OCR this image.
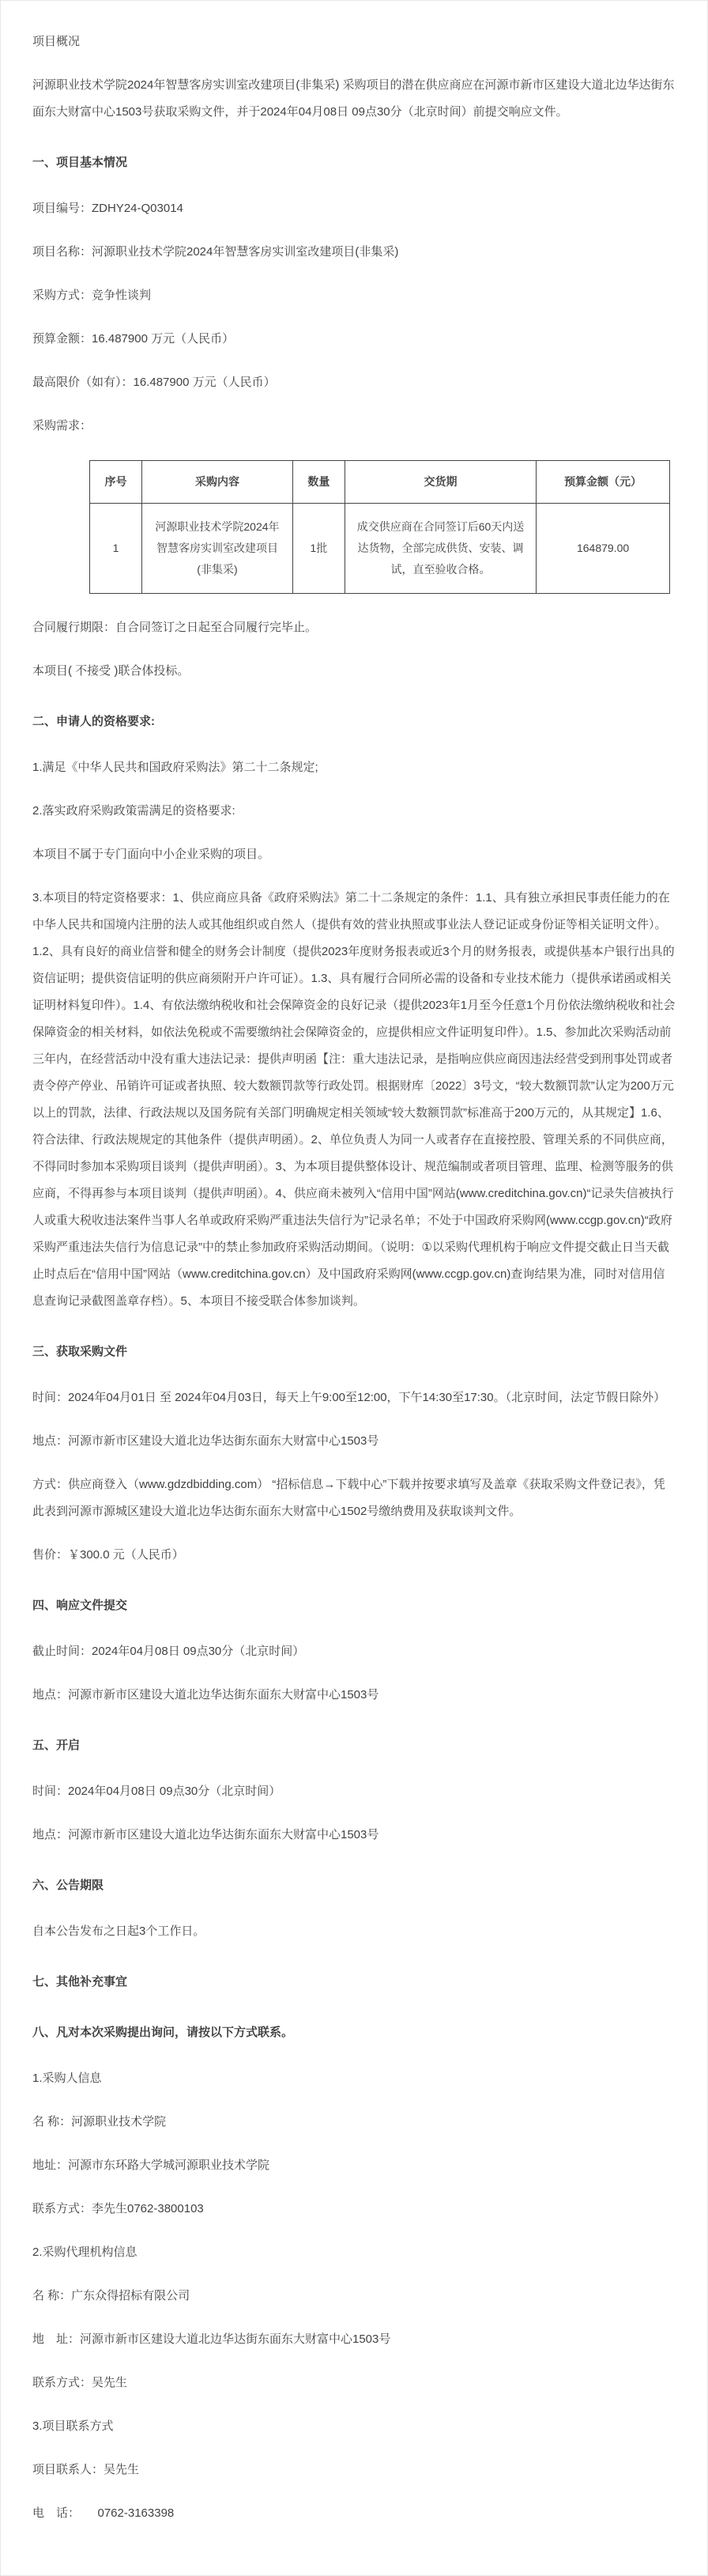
项目概况

河源职业技术学院2024年智慧客房实训室改建项目(非集采) 采购项目的潜在供应商应在河源市新市区建设大道北边华达街东面东大财富中心1503号获取采购文件，并于2024年04月08日 09点30分（北京时间）前提交响应文件。

一、项目基本情况

项目编号：ZDHY24-Q03014

项目名称：河源职业技术学院2024年智慧客房实训室改建项目(非集采)

采购方式：竞争性谈判

预算金额：16.487900 万元（人民币）

最高限价（如有）：16.487900 万元（人民币）

采购需求：

序号	采购内容	数量	交货期	预算金额（元）
1	河源职业技术学院2024年智慧客房实训室改建项目(非集采)	1批	成交供应商在合同签订后60天内送达货物，全部完成供货、安装、调试，直至验收合格。	164879.00

合同履行期限：自合同签订之日起至合同履行完毕止。

本项目( 不接受 )联合体投标。

二、申请人的资格要求:

1.满足《中华人民共和国政府采购法》第二十二条规定;

2.落实政府采购政策需满足的资格要求:

本项目不属于专门面向中小企业采购的项目。

3.本项目的特定资格要求：1、供应商应具备《政府采购法》第二十二条规定的条件：1.1、具有独立承担民事责任能力的在中华人民共和国境内注册的法人或其他组织或自然人（提供有效的营业执照或事业法人登记证或身份证等相关证明文件）。1.2、具有良好的商业信誉和健全的财务会计制度（提供2023年度财务报表或近3个月的财务报表，或提供基本户银行出具的资信证明；提供资信证明的供应商须附开户许可证）。1.3、具有履行合同所必需的设备和专业技术能力（提供承诺函或相关证明材料复印件）。1.4、有依法缴纳税收和社会保障资金的良好记录（提供2023年1月至今任意1个月份依法缴纳税收和社会保障资金的相关材料，如依法免税或不需要缴纳社会保障资金的，应提供相应文件证明复印件）。1.5、参加此次采购活动前三年内，在经营活动中没有重大违法记录：提供声明函【注：重大违法记录，是指响应供应商因违法经营受到刑事处罚或者责令停产停业、吊销许可证或者执照、较大数额罚款等行政处罚。根据财库〔2022〕3号文，“较大数额罚款”认定为200万元以上的罚款，法律、行政法规以及国务院有关部门明确规定相关领域“较大数额罚款”标准高于200万元的，从其规定】1.6、符合法律、行政法规规定的其他条件（提供声明函）。2、单位负责人为同一人或者存在直接控股、管理关系的不同供应商，不得同时参加本采购项目谈判（提供声明函）。3、为本项目提供整体设计、规范编制或者项目管理、监理、检测等服务的供应商，不得再参与本项目谈判（提供声明函）。4、供应商未被列入“信用中国”网站(www.creditchina.gov.cn)“记录失信被执行人或重大税收违法案件当事人名单或政府采购严重违法失信行为”记录名单；不处于中国政府采购网(www.ccgp.gov.cn)“政府采购严重违法失信行为信息记录”中的禁止参加政府采购活动期间。（说明：①以采购代理机构于响应文件提交截止日当天截止时点后在“信用中国”网站（www.creditchina.gov.cn）及中国政府采购网(www.ccgp.gov.cn)查询结果为准，同时对信用信息查询记录截图盖章存档）。5、本项目不接受联合体参加谈判。

三、获取采购文件

时间：2024年04月01日 至 2024年04月03日，每天上午9:00至12:00，下午14:30至17:30。（北京时间，法定节假日除外）

地点：河源市新市区建设大道北边华达街东面东大财富中心1503号

方式：供应商登入（www.gdzdbidding.com） “招标信息→下载中心”下载并按要求填写及盖章《获取采购文件登记表》，凭此表到河源市源城区建设大道北边华达街东面东大财富中心1502号缴纳费用及获取谈判文件。

售价：￥300.0 元（人民币）

四、响应文件提交

截止时间：2024年04月08日 09点30分（北京时间）

地点：河源市新市区建设大道北边华达街东面东大财富中心1503号

五、开启

时间：2024年04月08日 09点30分（北京时间）

地点：河源市新市区建设大道北边华达街东面东大财富中心1503号

六、公告期限

自本公告发布之日起3个工作日。

七、其他补充事宜
八、凡对本次采购提出询问，请按以下方式联系。

1.采购人信息

名 称：河源职业技术学院

地址：河源市东环路大学城河源职业技术学院

联系方式：李先生0762-3800103

2.采购代理机构信息

名 称：广东众得招标有限公司

地　址：河源市新市区建设大道北边华达街东面东大财富中心1503号

联系方式：吴先生

3.项目联系方式

项目联系人：吴先生

电　话：　　0762-3163398
